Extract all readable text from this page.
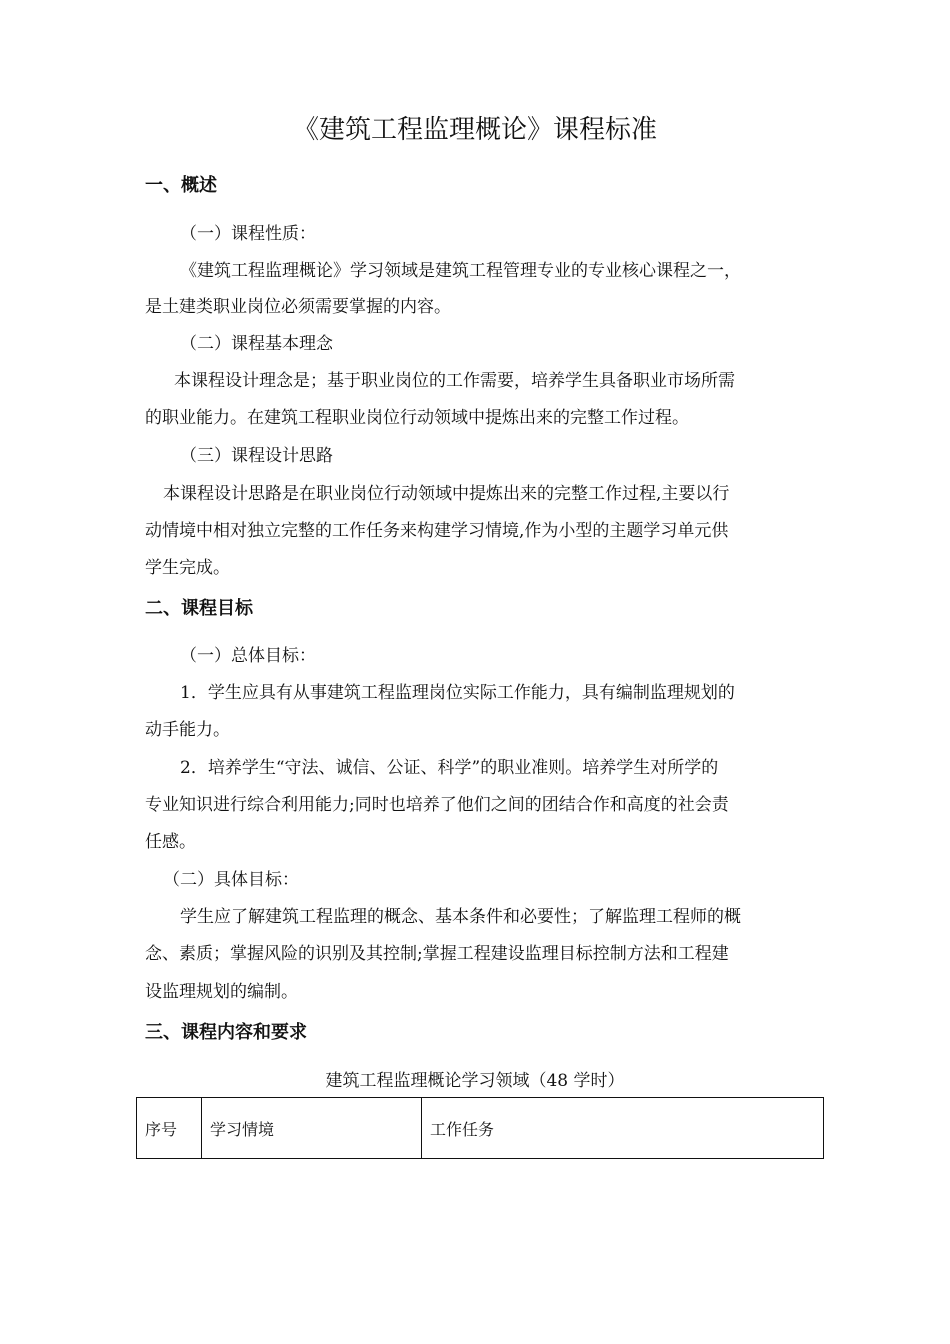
《建筑工程监理概论》课程标准
一、概述
（一）课程性质：
《建筑工程监理概论》学习领域是建筑工程管理专业的专业核心课程之一，
是土建类职业岗位必须需要掌握的内容。
（二）课程基本理念
本课程设计理念是；基于职业岗位的工作需要，培养学生具备职业市场所需
的职业能力。在建筑工程职业岗位行动领域中提炼出来的完整工作过程。
（三）课程设计思路
本课程设计思路是在职业岗位行动领域中提炼出来的完整工作过程,主要以行
动情境中相对独立完整的工作任务来构建学习情境,作为小型的主题学习单元供
学生完成。
二、课程目标
（一）总体目标：
1．学生应具有从事建筑工程监理岗位实际工作能力，具有编制监理规划的
动手能力。
2．培养学生“守法、诚信、公证、科学”的职业准则。培养学生对所学的
专业知识进行综合利用能力;同时也培养了他们之间的团结合作和高度的社会责
任感。
（二）具体目标：
学生应了解建筑工程监理的概念、基本条件和必要性；了解监理工程师的概
念、素质；掌握风险的识别及其控制;掌握工程建设监理目标控制方法和工程建
设监理规划的编制。
三、课程内容和要求
建筑工程监理概论学习领域（48 学时）
序号	学习情境	工作任务
